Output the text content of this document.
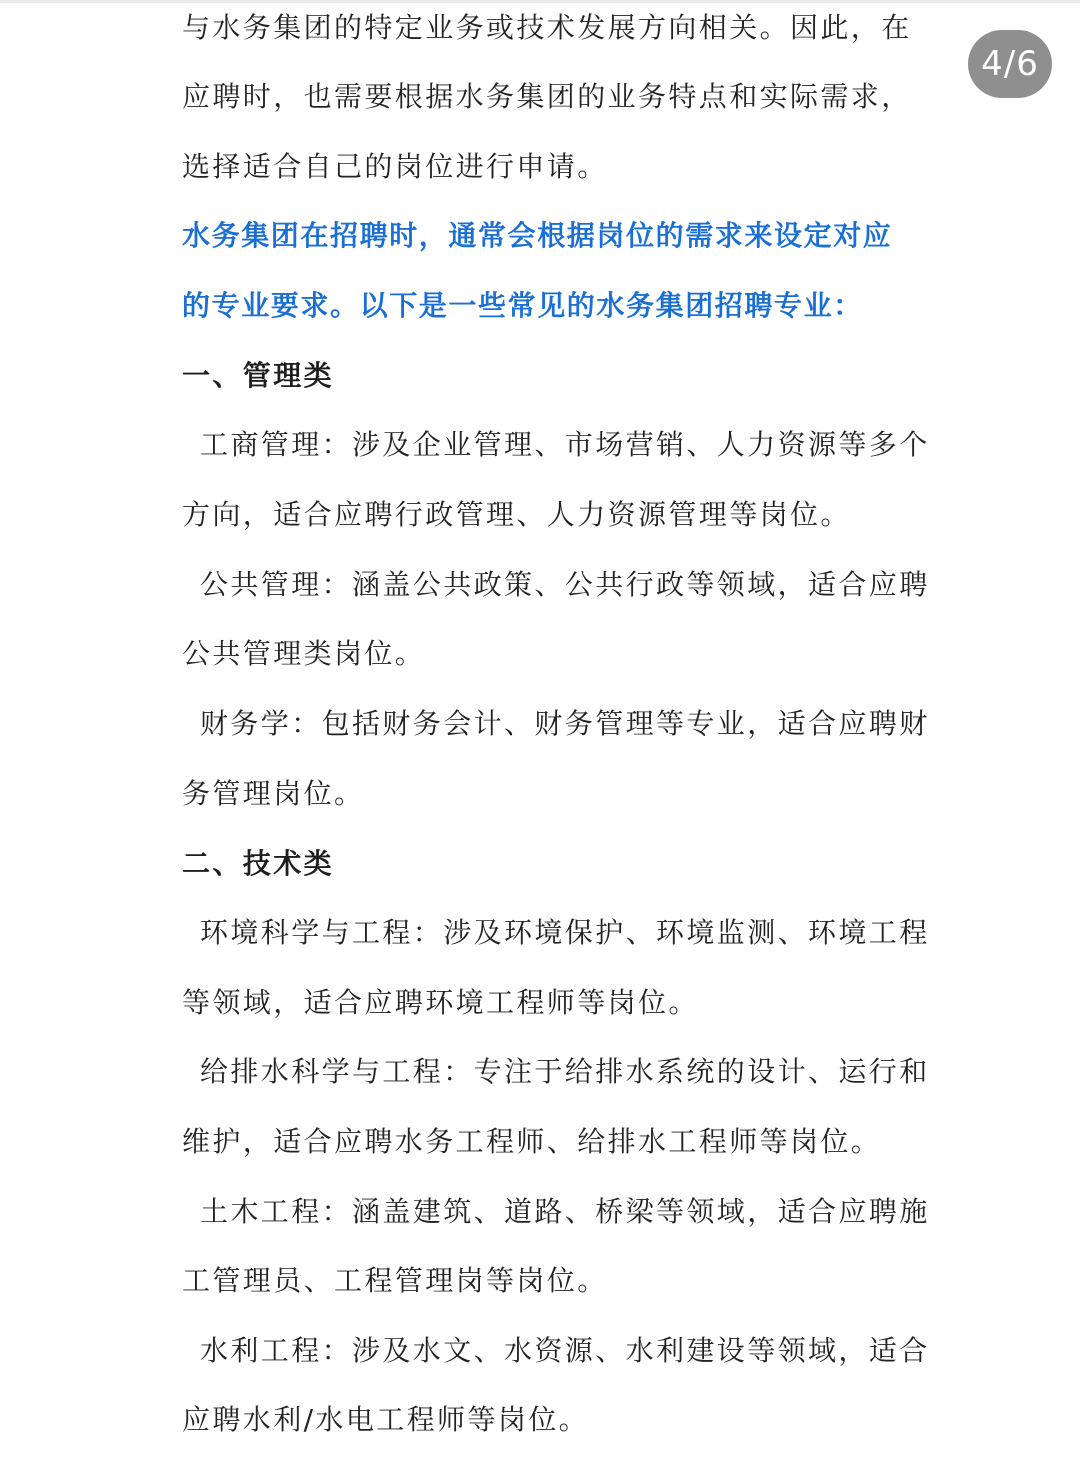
4/6
与水务集团的特定业务或技术发展方向相关。因此，在
应聘时，也需要根据水务集团的业务特点和实际需求，
选择适合自己的岗位进行申请。
水务集团在招聘时，通常会根据岗位的需求来设定对应
的专业要求。以下是一些常见的水务集团招聘专业：
一、管理类
工商管理：涉及企业管理、市场营销、人力资源等多个
方向，适合应聘行政管理、人力资源管理等岗位。
公共管理：涵盖公共政策、公共行政等领域，适合应聘
公共管理类岗位。
财务学：包括财务会计、财务管理等专业，适合应聘财
务管理岗位。
二、技术类
环境科学与工程：涉及环境保护、环境监测、环境工程
等领域，适合应聘环境工程师等岗位。
给排水科学与工程：专注于给排水系统的设计、运行和
维护，适合应聘水务工程师、给排水工程师等岗位。
土木工程：涵盖建筑、道路、桥梁等领域，适合应聘施
工管理员、工程管理岗等岗位。
水利工程：涉及水文、水资源、水利建设等领域，适合
应聘水利/水电工程师等岗位。
